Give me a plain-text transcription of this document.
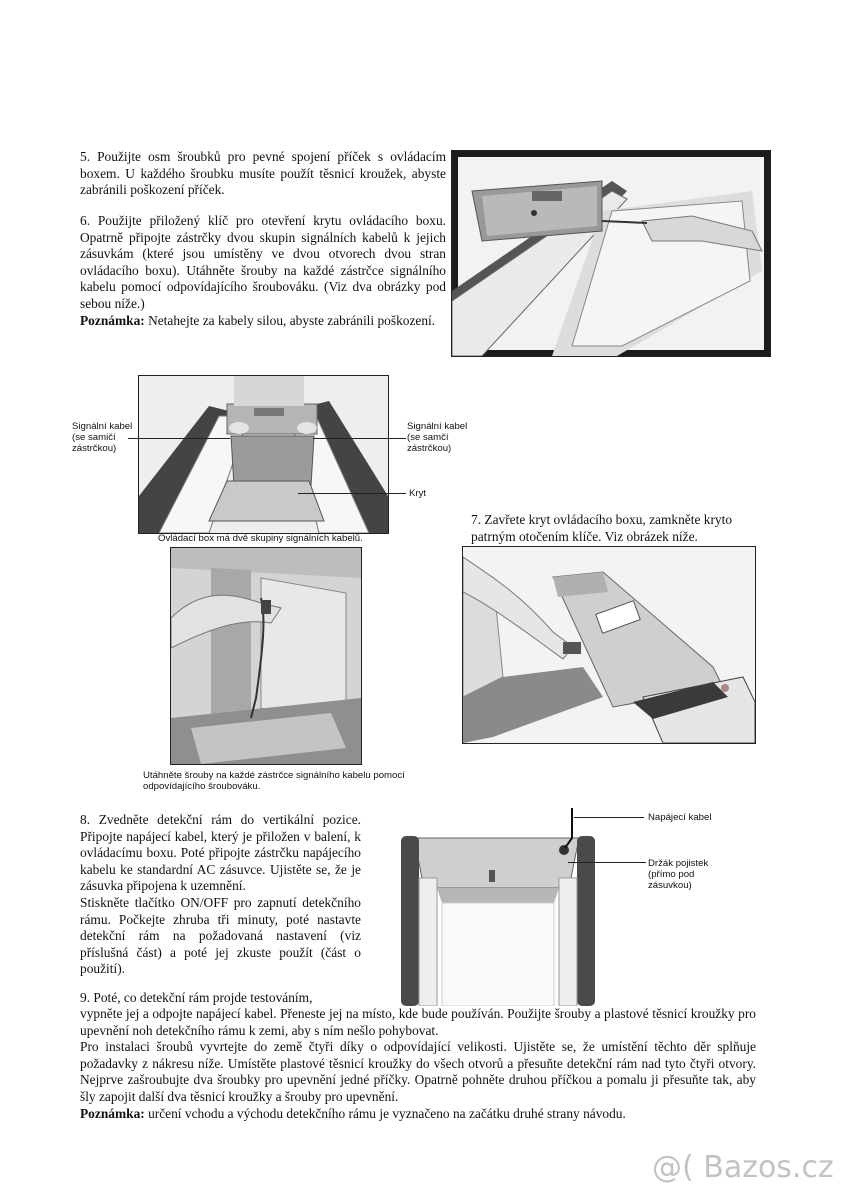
5. Použijte osm šroubků pro pevné spojení příček s ovládacím boxem. U každého šroubku musíte použít těsnicí kroužek, abyste zabránili poškození příček.
6. Použijte přiložený klíč pro otevření krytu ovládacího boxu. Opatrně připojte zástrčky dvou skupin signálních kabelů k jejich zásuvkám (které jsou umístěny ve dvou otvorech dvou stran ovládacího boxu). Utáhněte šrouby na každé zástrčce signálního kabelu pomocí odpovídajícího šroubováku. (Viz dva obrázky pod sebou níže.)
Poznámka: Netahejte za kabely silou, abyste zabránili poškození.
Signální kabel (se samičí zástrčkou)
Signální kabel (se samčí zástrčkou)
Kryt
Ovládací box má dvě skupiny signálních kabelů.
7. Zavřete kryt ovládacího boxu, zamkněte kryto patrným otočením klíče. Viz obrázek níže.
Utáhněte šrouby na každé zástrčce signálního kabelu pomocí odpovídajícího šroubováku.
8. Zvedněte detekční rám do vertikální pozice. Připojte napájecí kabel, který je přiložen v balení, k ovládacímu boxu. Poté připojte zástrčku napájecího kabelu ke standardní AC zásuvce. Ujistěte se, že je zásuvka připojena k uzemnění.
Stiskněte tlačítko ON/OFF pro zapnutí detekčního rámu. Počkejte zhruba tři minuty, poté nastavte detekční rám na požadovaná nastavení (viz příslušná část) a poté jej zkuste použít (část o použití).
Napájecí kabel
Držák pojistek (přímo pod zásuvkou)
9. Poté, co detekční rám projde testováním,
vypněte jej a odpojte napájecí kabel. Přeneste jej na místo, kde bude používán. Použijte šrouby a plastové těsnicí kroužky pro upevnění noh detekčního rámu k zemi, aby s ním nešlo pohybovat.
Pro instalaci šroubů vyvrtejte do země čtyři díky o odpovídající velikosti. Ujistěte se, že umístění těchto děr splňuje požadavky z nákresu níže. Umístěte plastové těsnicí kroužky do všech otvorů a přesuňte detekční rám nad tyto čtyři otvory. Nejprve zašroubujte dva šroubky pro upevnění jedné příčky. Opatrně pohněte druhou příčkou a pomalu ji přesuňte tak, aby šly zapojit další dva těsnicí kroužky a šrouby pro upevnění.
Poznámka: určení vchodu a východu detekčního rámu je vyznačeno na začátku druhé strany návodu.
@( Bazos.cz
